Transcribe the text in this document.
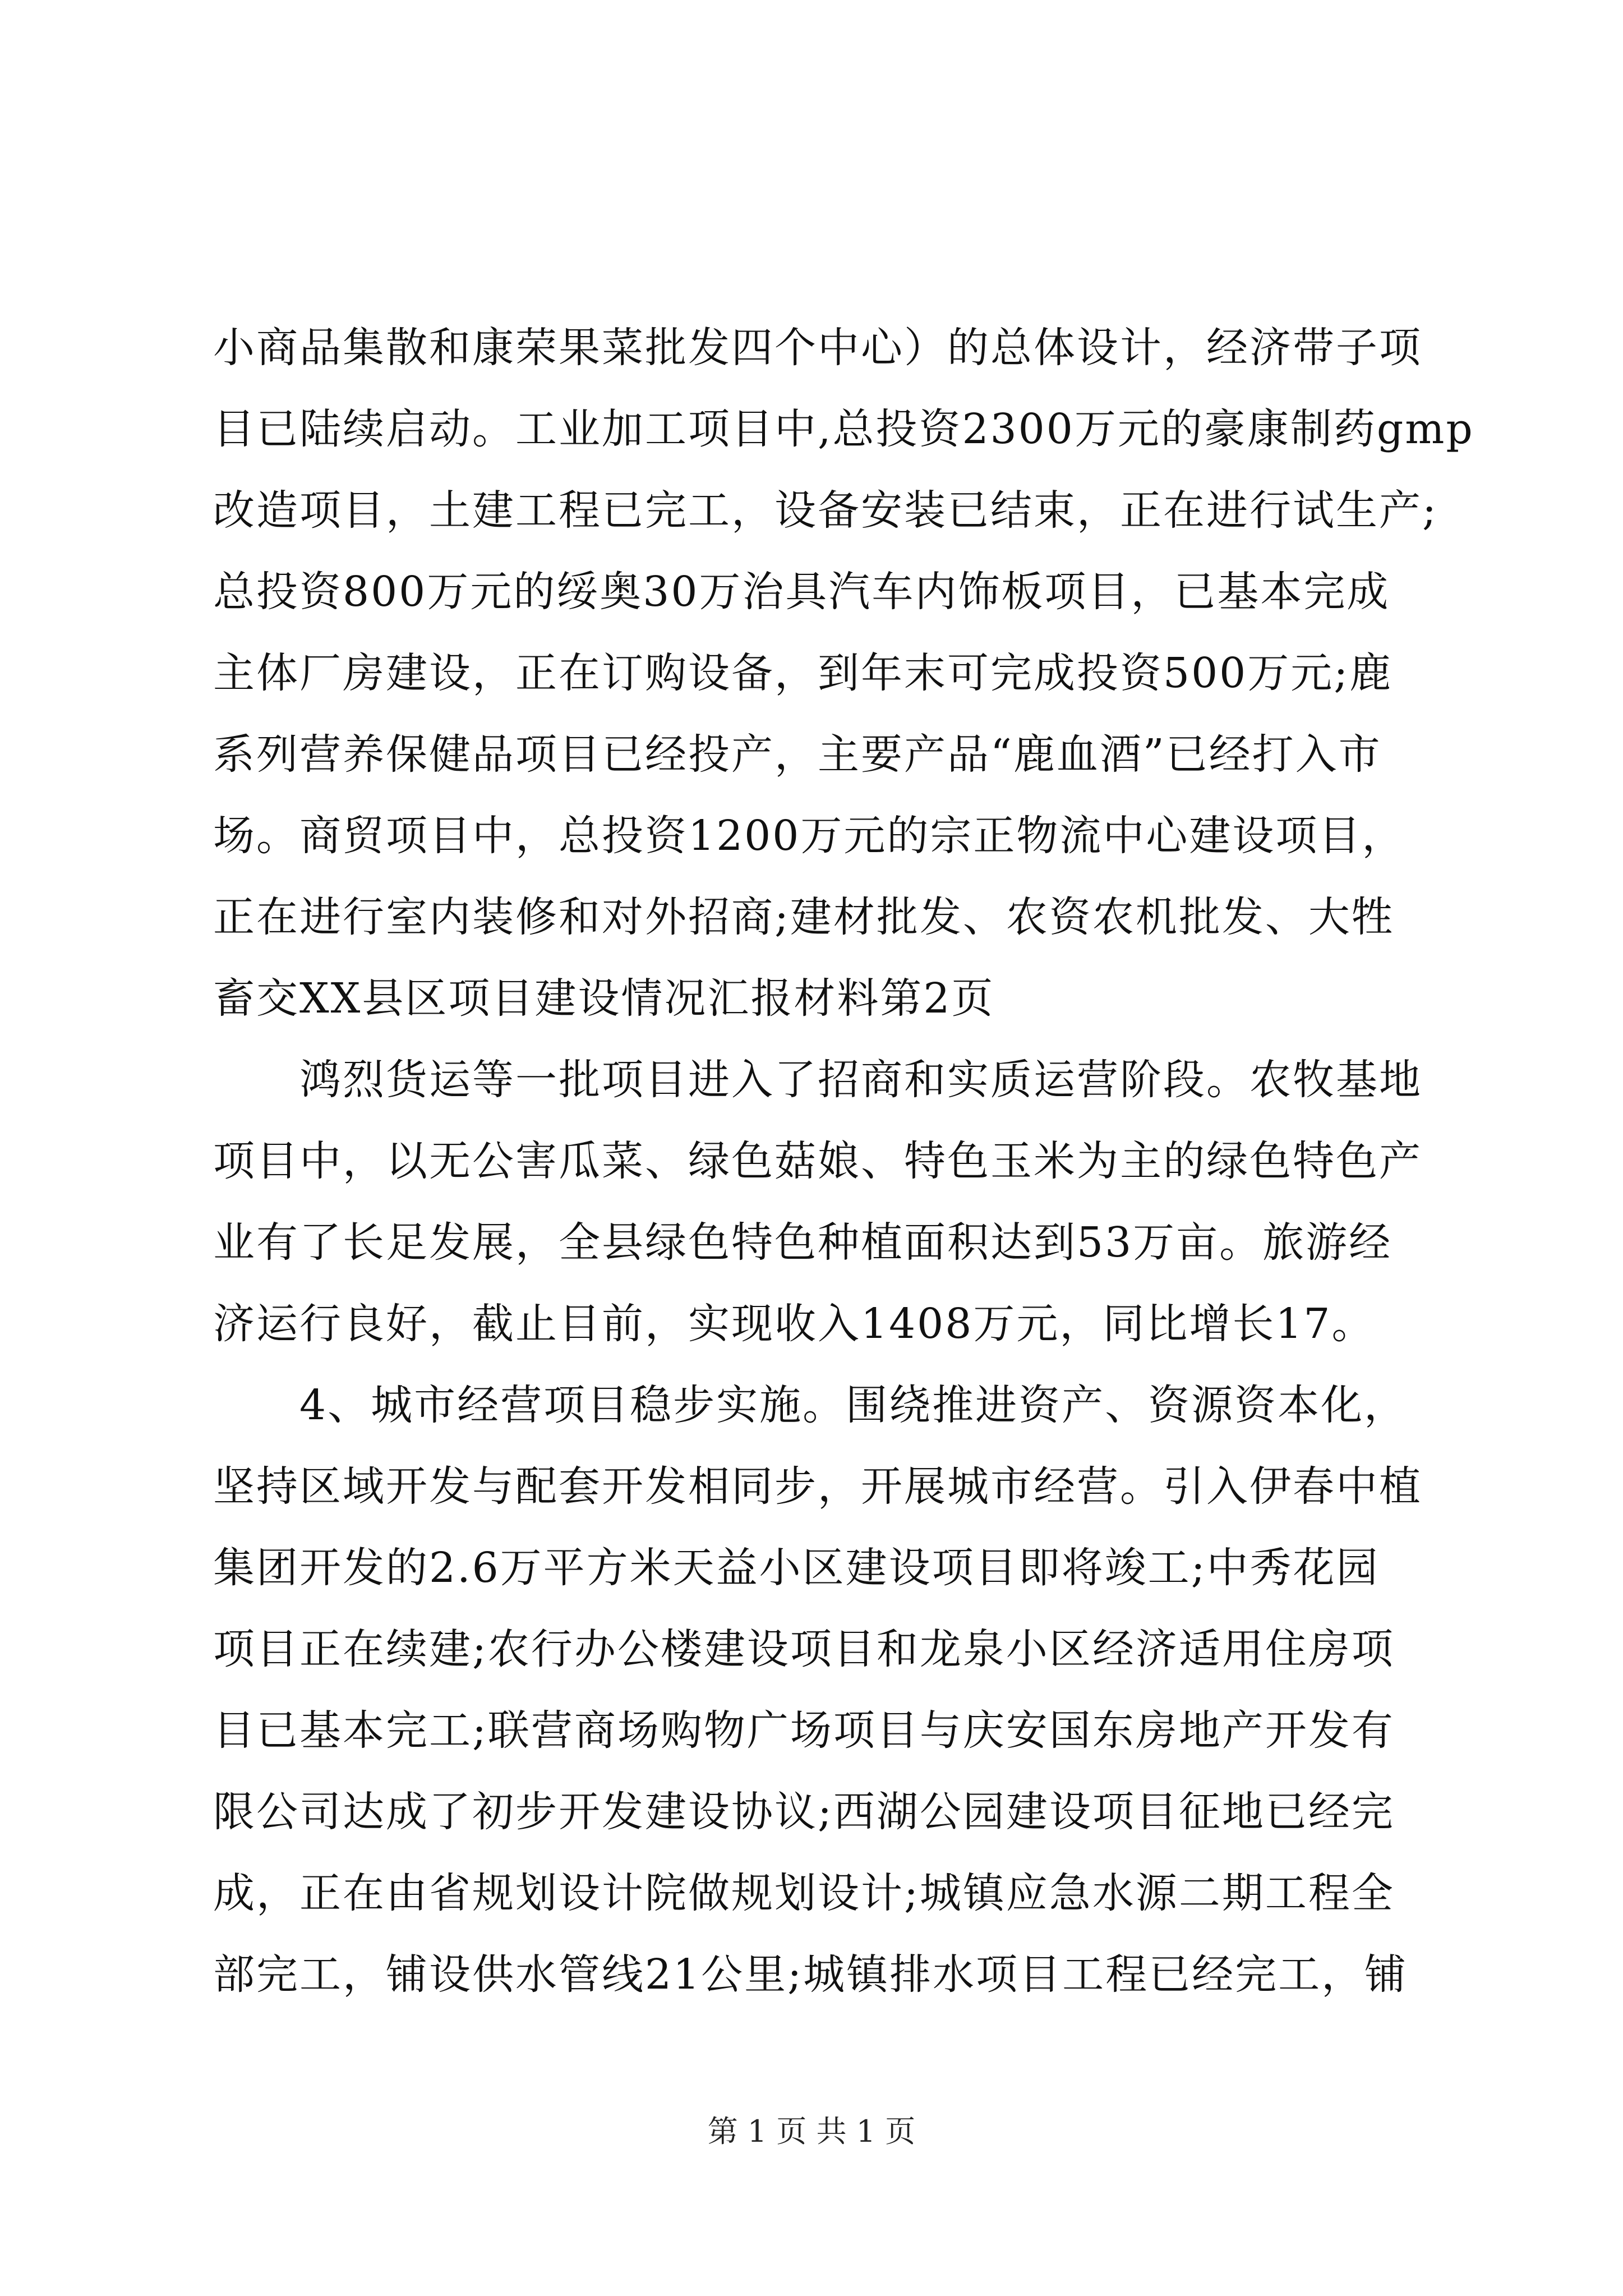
小商品集散和康荣果菜批发四个中心）的总体设计，经济带子项
目已陆续启动。工业加工项目中,总投资2300万元的豪康制药gmp
改造项目，土建工程已完工，设备安装已结束，正在进行试生产;
总投资800万元的绥奥30万治具汽车内饰板项目，已基本完成
主体厂房建设，正在订购设备，到年末可完成投资500万元;鹿
系列营养保健品项目已经投产，主要产品“鹿血酒”已经打入市
场。商贸项目中，总投资1200万元的宗正物流中心建设项目，
正在进行室内装修和对外招商;建材批发、农资农机批发、大牲
畜交XX县区项目建设情况汇报材料第2页
　　鸿烈货运等一批项目进入了招商和实质运营阶段。农牧基地
项目中，以无公害瓜菜、绿色菇娘、特色玉米为主的绿色特色产
业有了长足发展，全县绿色特色种植面积达到53万亩。旅游经
济运行良好，截止目前，实现收入1408万元，同比增长17。
　　4、城市经营项目稳步实施。围绕推进资产、资源资本化，
坚持区域开发与配套开发相同步，开展城市经营。引入伊春中植
集团开发的2.6万平方米天益小区建设项目即将竣工;中秀花园
项目正在续建;农行办公楼建设项目和龙泉小区经济适用住房项
目已基本完工;联营商场购物广场项目与庆安国东房地产开发有
限公司达成了初步开发建设协议;西湖公园建设项目征地已经完
成，正在由省规划设计院做规划设计;城镇应急水源二期工程全
部完工，铺设供水管线21公里;城镇排水项目工程已经完工，铺
第 1 页 共 1 页
